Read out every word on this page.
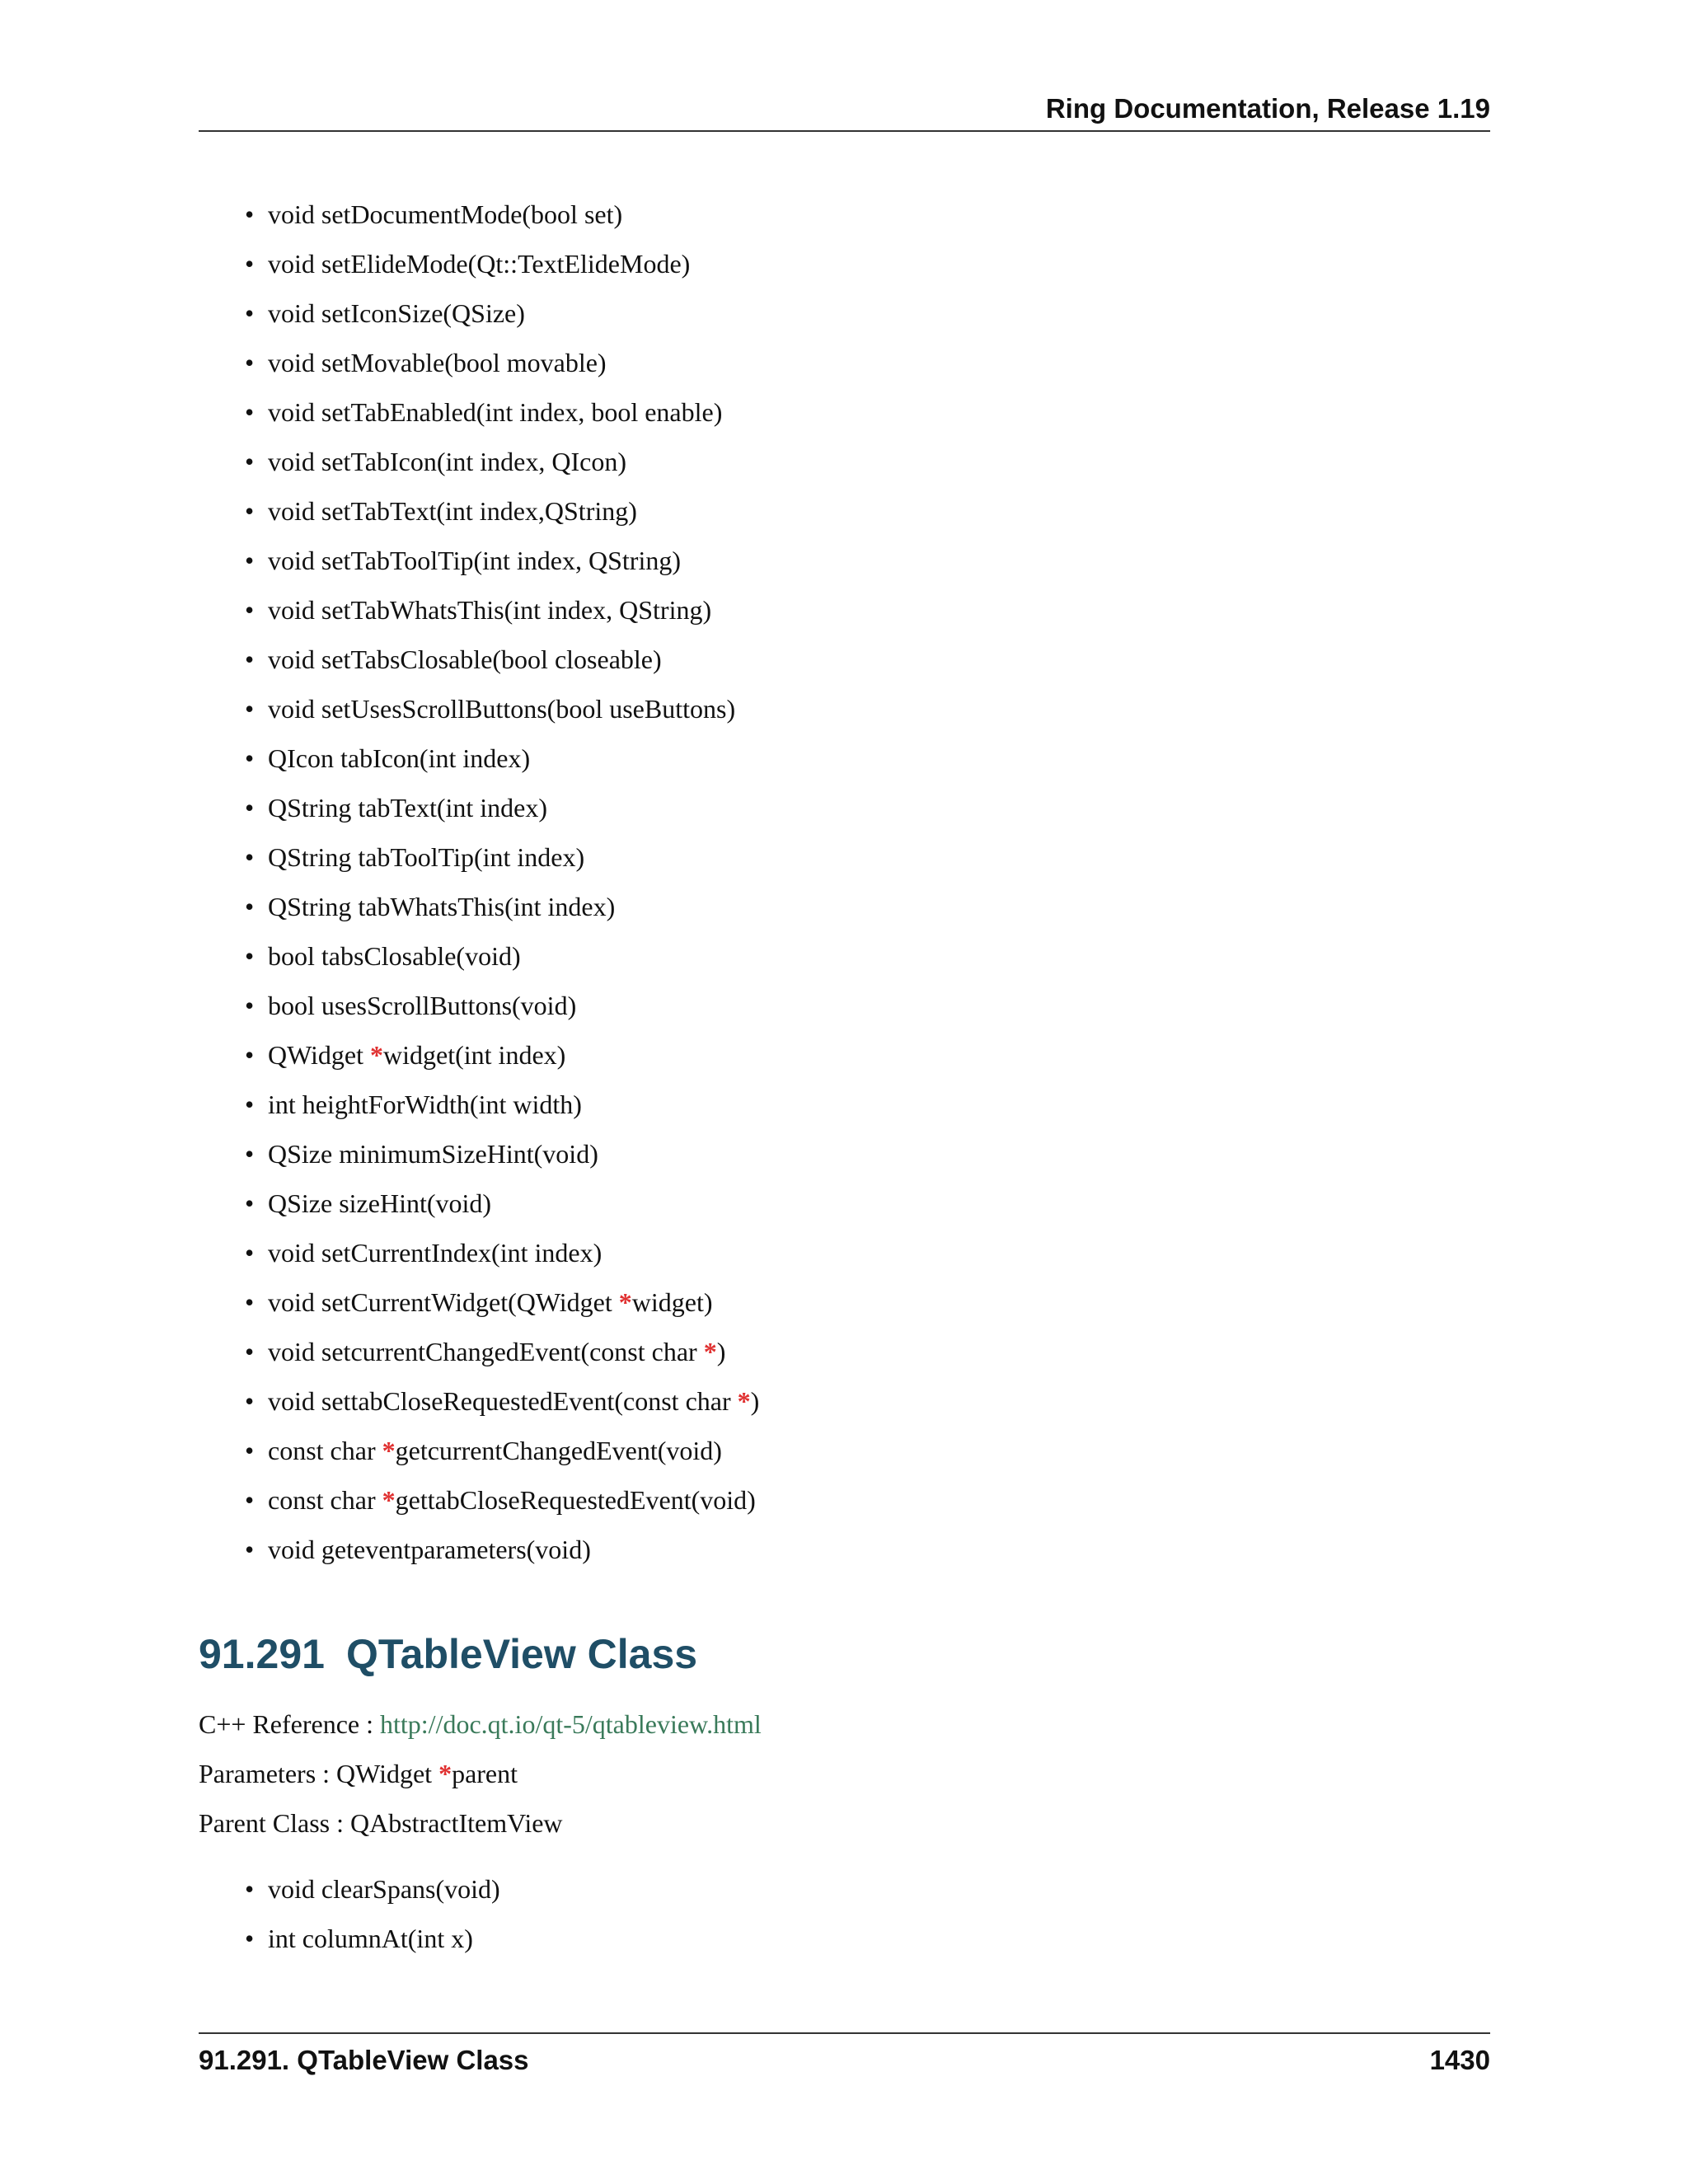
Ring Documentation, Release 1.19
• void setDocumentMode(bool set)
• void setElideMode(Qt::TextElideMode)
• void setIconSize(QSize)
• void setMovable(bool movable)
• void setTabEnabled(int index, bool enable)
• void setTabIcon(int index, QIcon)
• void setTabText(int index,QString)
• void setTabToolTip(int index, QString)
• void setTabWhatsThis(int index, QString)
• void setTabsClosable(bool closeable)
• void setUsesScrollButtons(bool useButtons)
• QIcon tabIcon(int index)
• QString tabText(int index)
• QString tabToolTip(int index)
• QString tabWhatsThis(int index)
• bool tabsClosable(void)
• bool usesScrollButtons(void)
• QWidget *widget(int index)
• int heightForWidth(int width)
• QSize minimumSizeHint(void)
• QSize sizeHint(void)
• void setCurrentIndex(int index)
• void setCurrentWidget(QWidget *widget)
• void setcurrentChangedEvent(const char *)
• void settabCloseRequestedEvent(const char *)
• const char *getcurrentChangedEvent(void)
• const char *gettabCloseRequestedEvent(void)
• void geteventparameters(void)
91.291 QTableView Class
C++ Reference : http://doc.qt.io/qt-5/qtableview.html
Parameters : QWidget *parent
Parent Class : QAbstractItemView
• void clearSpans(void)
• int columnAt(int x)
91.291. QTableView Class	1430
